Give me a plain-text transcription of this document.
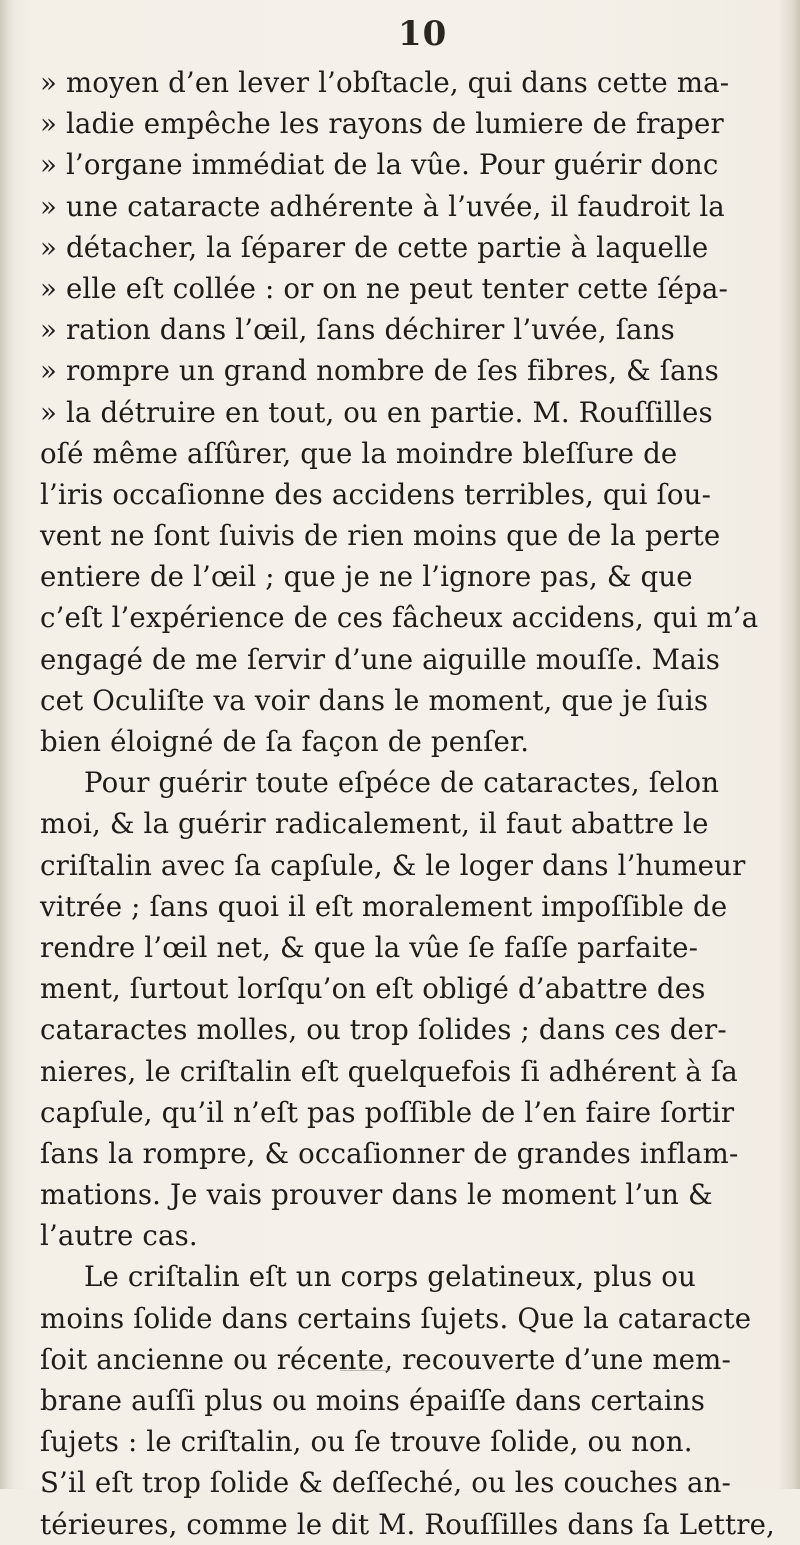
10
» moyen d’en lever l’obſtacle, qui dans cette ma-
» ladie empêche les rayons de lumiere de fraper
» l’organe immédiat de la vûe. Pour guérir donc
» une cataracte adhérente à l’uvée, il faudroit la
» détacher, la ſéparer de cette partie à laquelle
» elle eſt collée : or on ne peut tenter cette ſépa-
» ration dans l’œil, ſans déchirer l’uvée, ſans
» rompre un grand nombre de ſes fibres, & ſans
» la détruire en tout, ou en partie. M. Rouſſilles
oſé même aſſûrer, que la moindre bleſſure de
l’iris occaſionne des accidens terribles, qui ſou-
vent ne ſont ſuivis de rien moins que de la perte
entiere de l’œil ; que je ne l’ignore pas, & que
c’eſt l’expérience de ces fâcheux accidens, qui m’a
engagé de me ſervir d’une aiguille mouſſe. Mais
cet Oculiſte va voir dans le moment, que je ſuis
bien éloigné de ſa façon de penſer.
Pour guérir toute eſpéce de cataractes, ſelon
moi, & la guérir radicalement, il faut abattre le
criſtalin avec ſa capſule, & le loger dans l’humeur
vitrée ; ſans quoi il eſt moralement impoſſible de
rendre l’œil net, & que la vûe ſe faſſe parfaite-
ment, ſurtout lorſqu’on eſt obligé d’abattre des
cataractes molles, ou trop ſolides ; dans ces der-
nieres, le criſtalin eſt quelquefois ſi adhérent à ſa
capſule, qu’il n’eſt pas poſſible de l’en faire ſortir
ſans la rompre, & occaſionner de grandes inflam-
mations. Je vais prouver dans le moment l’un &
l’autre cas.
Le criſtalin eſt un corps gelatineux, plus ou
moins ſolide dans certains ſujets. Que la cataracte
ſoit ancienne ou récente, recouverte d’une mem-
brane auſſi plus ou moins épaiſſe dans certains
ſujets : le criſtalin, ou ſe trouve ſolide, ou non.
S’il eſt trop ſolide & deſſeché, ou les couches an-
térieures, comme le dit M. Rouſſilles dans ſa Lettre,
